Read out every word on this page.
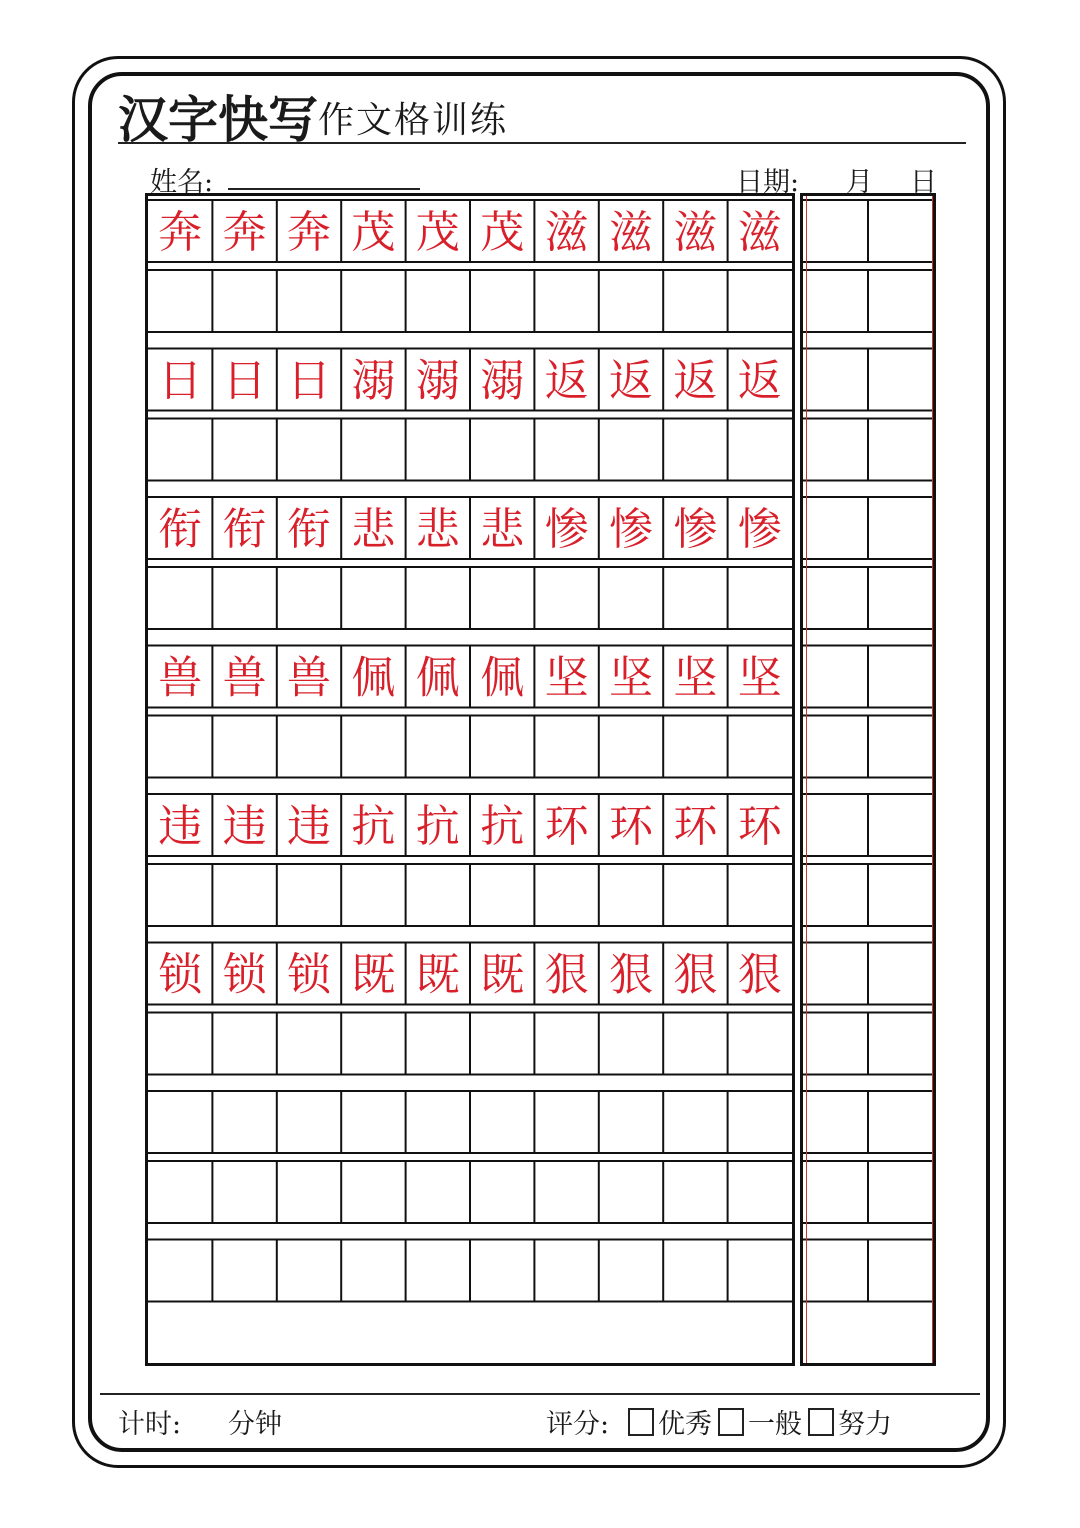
汉字快写 作文格训练
姓名:	日期: 月 日
奔 奔 奔 茂 茂 茂 滋 滋 滋 滋
日 日 日 溺 溺 溺 返 返 返 返
衔 衔 衔 悲 悲 悲 惨 惨 惨 惨
兽 兽 兽 佩 佩 佩 坚 坚 坚 坚
违 违 违 抗 抗 抗 环 环 环 环
锁 锁 锁 既 既 既 狠 狠 狠 狠
计时: 分钟	评分: 优秀 一般 努力
